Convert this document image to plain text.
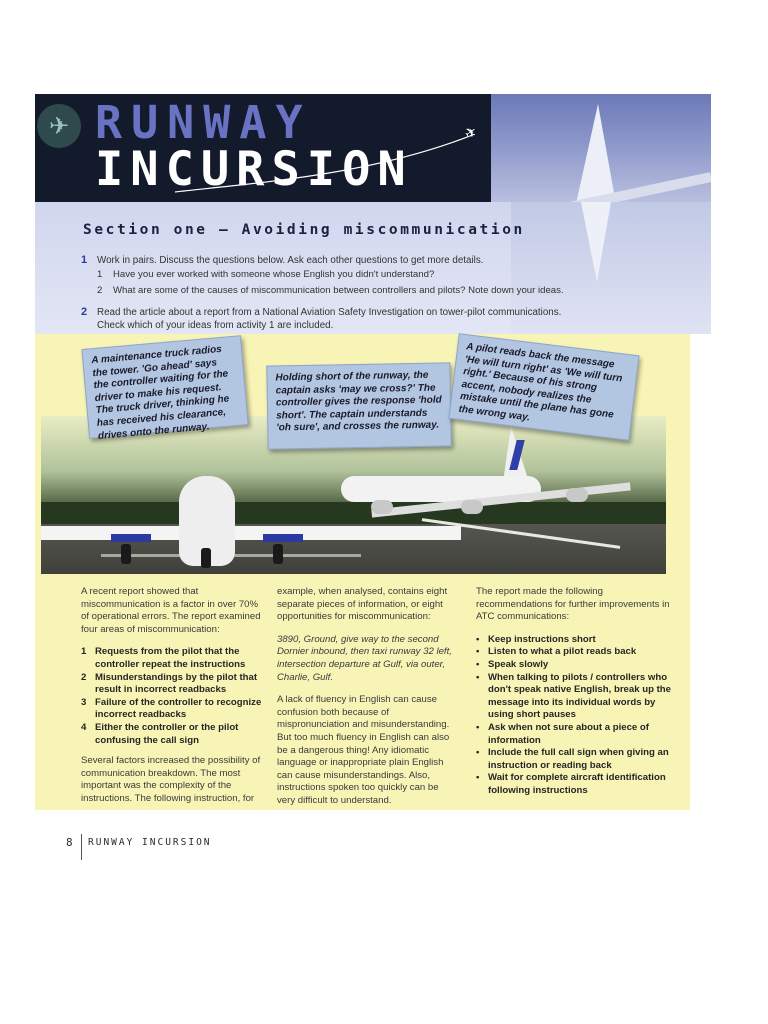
✈	✈
RUNWAY
INCURSION
Section one – Avoiding miscommunication
1 Work in pairs. Discuss the questions below. Ask each other questions to get more details.
1 Have you ever worked with someone whose English you didn't understand?
2 What are some of the causes of miscommunication between controllers and pilots? Note down your ideas.
2 Read the article about a report from a National Aviation Safety Investigation on tower-pilot communications.
Check which of your ideas from activity 1 are included.
A maintenance truck radios the tower. 'Go ahead' says the controller waiting for the driver to make his request. The truck driver, thinking he has received his clearance, drives onto the runway.
Holding short of the runway, the captain asks 'may we cross?' The controller gives the response 'hold short'. The captain understands 'oh sure', and crosses the runway.
A pilot reads back the message 'He will turn right' as 'We will turn right.' Because of his strong accent, nobody realizes the mistake until the plane has gone the wrong way.

A recent report showed that miscommunication is a factor in over 70% of operational errors. The report examined four areas of miscommunication:

1 Requests from the pilot that the controller repeat the instructions
2 Misunderstandings by the pilot that result in incorrect readbacks
3 Failure of the controller to recognize incorrect readbacks
4 Either the controller or the pilot confusing the call sign

Several factors increased the possibility of communication breakdown. The most important was the complexity of the instructions. The following instruction, for

example, when analysed, contains eight separate pieces of information, or eight opportunities for miscommunication:

3890, Ground, give way to the second Dornier inbound, then taxi runway 32 left, intersection departure at Gulf, via outer, Charlie, Gulf.

A lack of fluency in English can cause confusion both because of mispronunciation and misunderstanding. But too much fluency in English can also be a dangerous thing! Any idiomatic language or inappropriate plain English can cause misunderstandings. Also, instructions spoken too quickly can be very difficult to understand.

The report made the following recommendations for further improvements in ATC communications:

• Keep instructions short
• Listen to what a pilot reads back
• Speak slowly
• When talking to pilots / controllers who don't speak native English, break up the message into its individual words by using short pauses
• Ask when not sure about a piece of information
• Include the full call sign when giving an instruction or reading back
• Wait for complete aircraft identification following instructions
8 RUNWAY INCURSION
